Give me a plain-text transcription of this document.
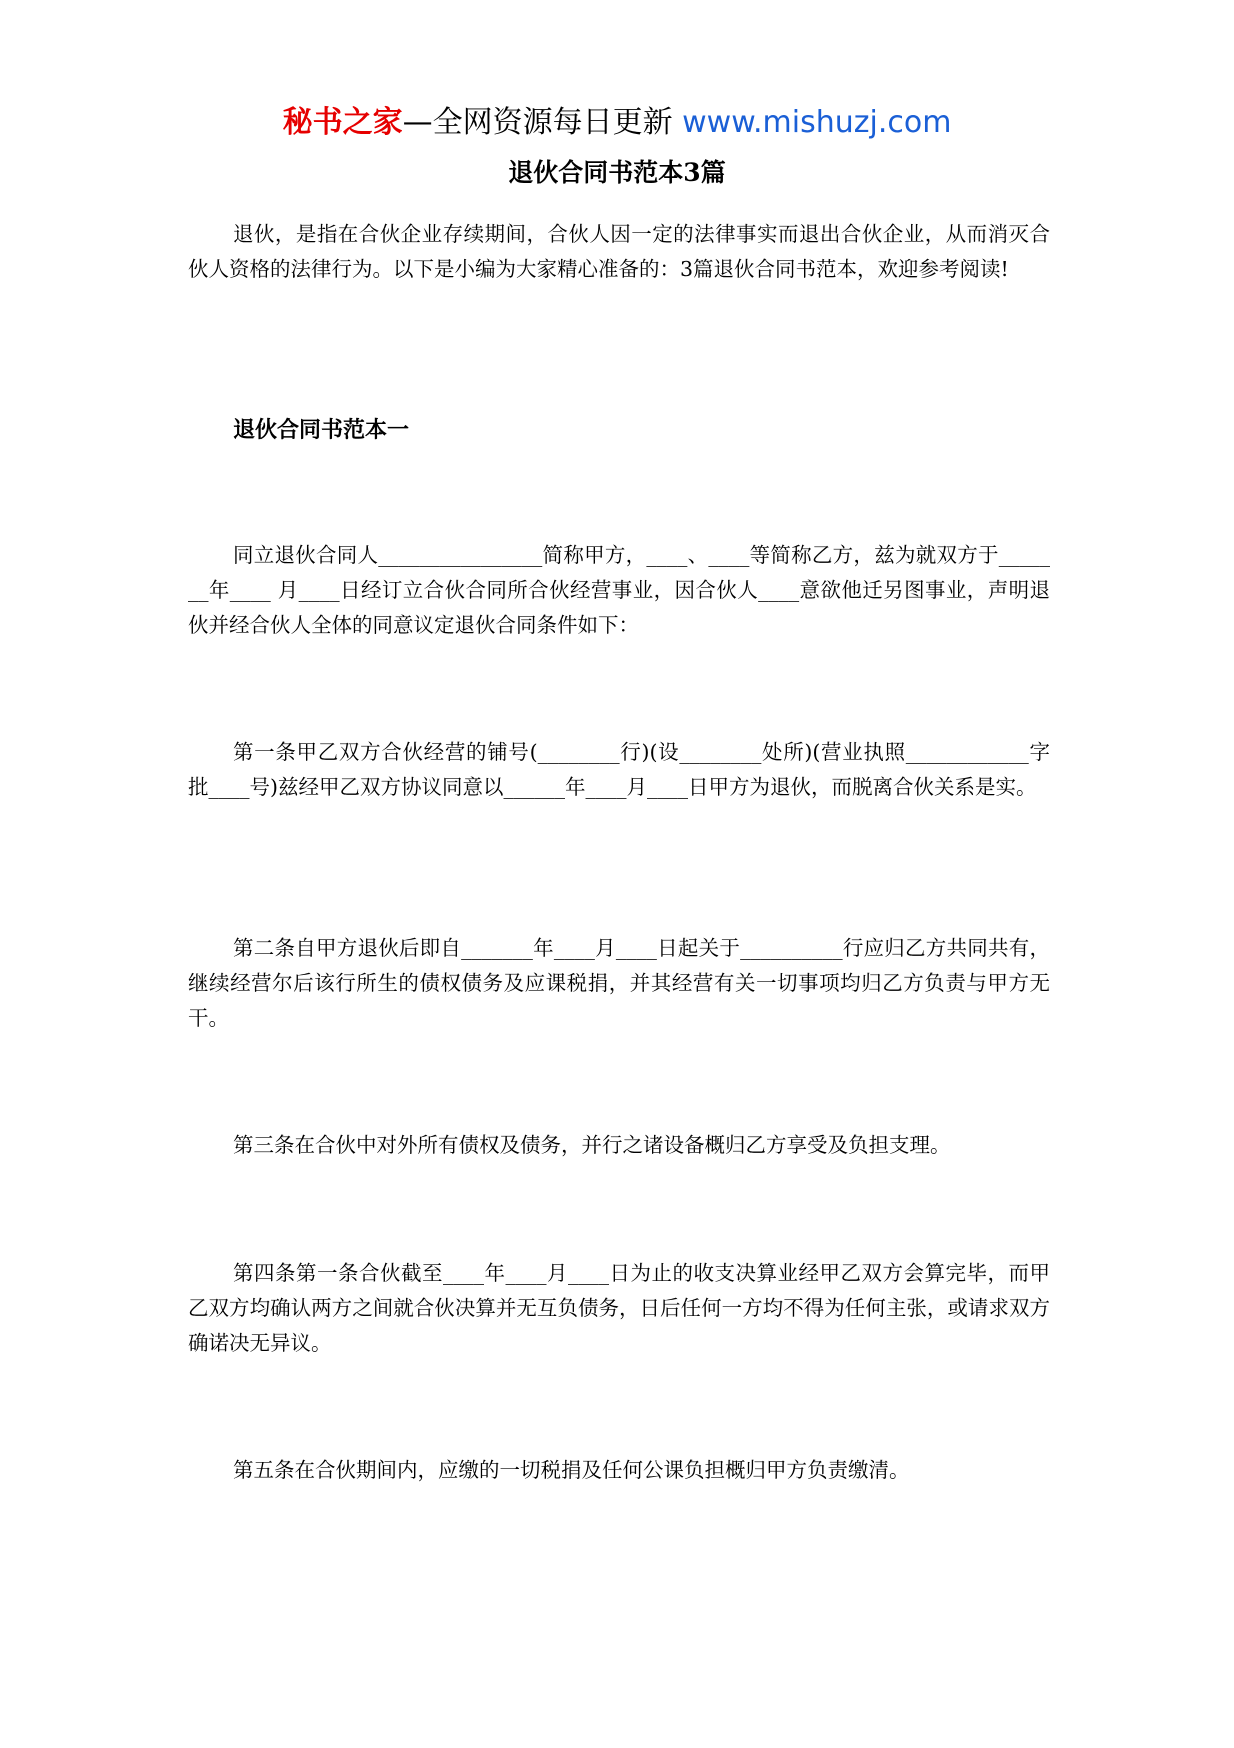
秘书之家—全网资源每日更新 www.mishuzj.com
退伙合同书范本3篇

退伙，是指在合伙企业存续期间，合伙人因一定的法律事实而退出合伙企业，从而消灭合伙人资格的法律行为。以下是小编为大家精心准备的：3篇退伙合同书范本，欢迎参考阅读!

退伙合同书范本一

同立退伙合同人________________简称甲方，____、____等简称乙方，兹为就双方于_______年____ 月____日经订立合伙合同所合伙经营事业，因合伙人____意欲他迁另图事业，声明退伙并经合伙人全体的同意议定退伙合同条件如下：

第一条甲乙双方合伙经营的铺号(________行)(设________处所)(营业执照____________字批____号)兹经甲乙双方协议同意以______年____月____日甲方为退伙，而脱离合伙关系是实。

第二条自甲方退伙后即自_______年____月____日起关于__________行应归乙方共同共有，继续经营尔后该行所生的债权债务及应课税捐，并其经营有关一切事项均归乙方负责与甲方无干。

第三条在合伙中对外所有债权及债务，并行之诸设备概归乙方享受及负担支理。

第四条第一条合伙截至____年____月____日为止的收支决算业经甲乙双方会算完毕，而甲乙双方均确认两方之间就合伙决算并无互负债务，日后任何一方均不得为任何主张，或请求双方确诺决无异议。

第五条在合伙期间内，应缴的一切税捐及任何公课负担概归甲方负责缴清。
